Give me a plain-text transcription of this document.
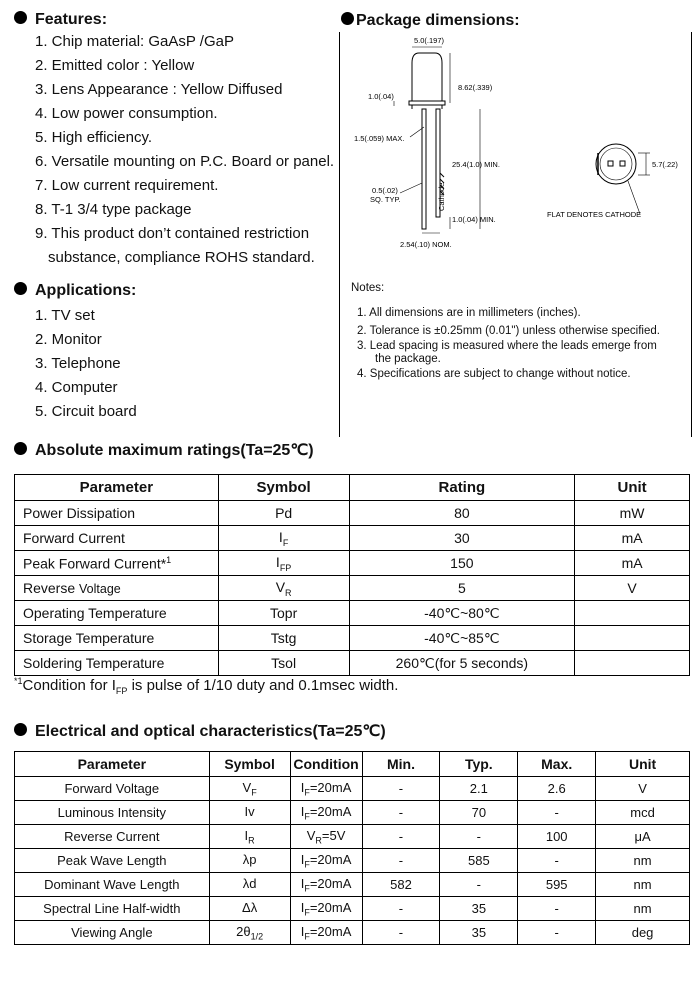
Features:
1. Chip material: GaAsP /GaP
2. Emitted color : Yellow
3. Lens Appearance : Yellow Diffused
4. Low power consumption.
5. High efficiency.
6. Versatile mounting on P.C. Board or panel.
7. Low current requirement.
8. T-1 3/4 type package
9. This product don’t contained restriction
substance, compliance ROHS standard.
Applications:
1. TV set
2. Monitor
3. Telephone
4. Computer
5. Circuit board
Package dimensions:
5.0(.197)
8.62(.339)
1.0(.04)
1.5(.059) MAX.
25.4(1.0) MIN.
0.5(.02)
SQ. TYP.	Cathode
1.0(.04) MIN.
2.54(.10) NOM.
5.7(.22)
FLAT DENOTES CATHODE
Notes:
1. All dimensions are in millimeters (inches).
2. Tolerance is ±0.25mm (0.01") unless otherwise specified.
3. Lead spacing is measured where the leads emerge from
the package.
4. Specifications are subject to change without notice.
Absolute maximum ratings(Ta=25℃)
Parameter	Symbol	Rating	Unit
Power Dissipation	Pd	80	mW
Forward Current	$I_F$	30	mA
Peak Forward Current*$^1$	$I_{FP}$	150	mA
Reverse Voltage	$V_R$	5	V
Operating Temperature	Topr	-40℃~80℃	
Storage Temperature	Tstg	-40℃~85℃	
Soldering Temperature	Tsol	260℃(for 5 seconds)	
$^{*1}$Condition for $I_{FP}$ is pulse of 1/10 duty and 0.1msec width.
Electrical and optical characteristics(Ta=25℃)
Parameter	Symbol	Condition	Min.	Typ.	Max.	Unit
Forward Voltage	$V_F$	$I_F=20mA$	-	2.1	2.6	V
Luminous Intensity	Iv	$I_F=20mA$	-	70	-	mcd
Reverse Current	$I_R$	$V_R=5V$	-	-	100	μA
Peak Wave Length	λp	$I_F=20mA$	-	585	-	nm
Dominant Wave Length	λd	$I_F=20mA$	582	-	595	nm
Spectral Line Half-width	Δλ	$I_F=20mA$	-	35	-	nm
Viewing Angle	$2\theta_{1/2}$	$I_F=20mA$	-	35	-	deg
